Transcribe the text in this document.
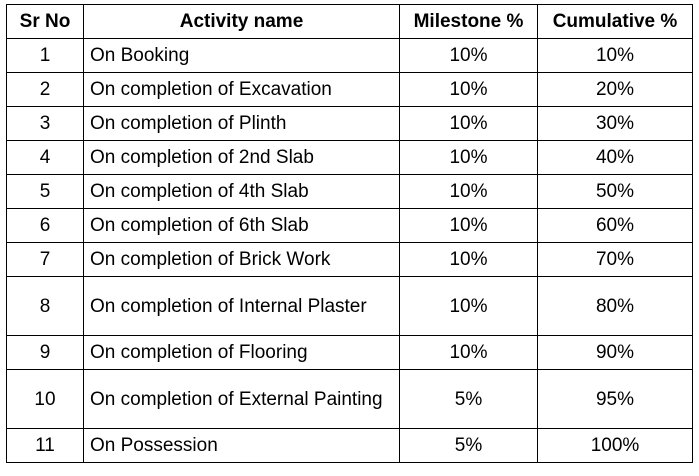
Sr No	Activity name	Milestone %	Cumulative %
1	On Booking	10%	10%
2	On completion of Excavation	10%	20%
3	On completion of Plinth	10%	30%
4	On completion of 2nd Slab	10%	40%
5	On completion of 4th Slab	10%	50%
6	On completion of 6th Slab	10%	60%
7	On completion of Brick Work	10%	70%
8	On completion of Internal Plaster	10%	80%
9	On completion of Flooring	10%	90%
10	On completion of External Painting	5%	95%
11	On Possession	5%	100%
